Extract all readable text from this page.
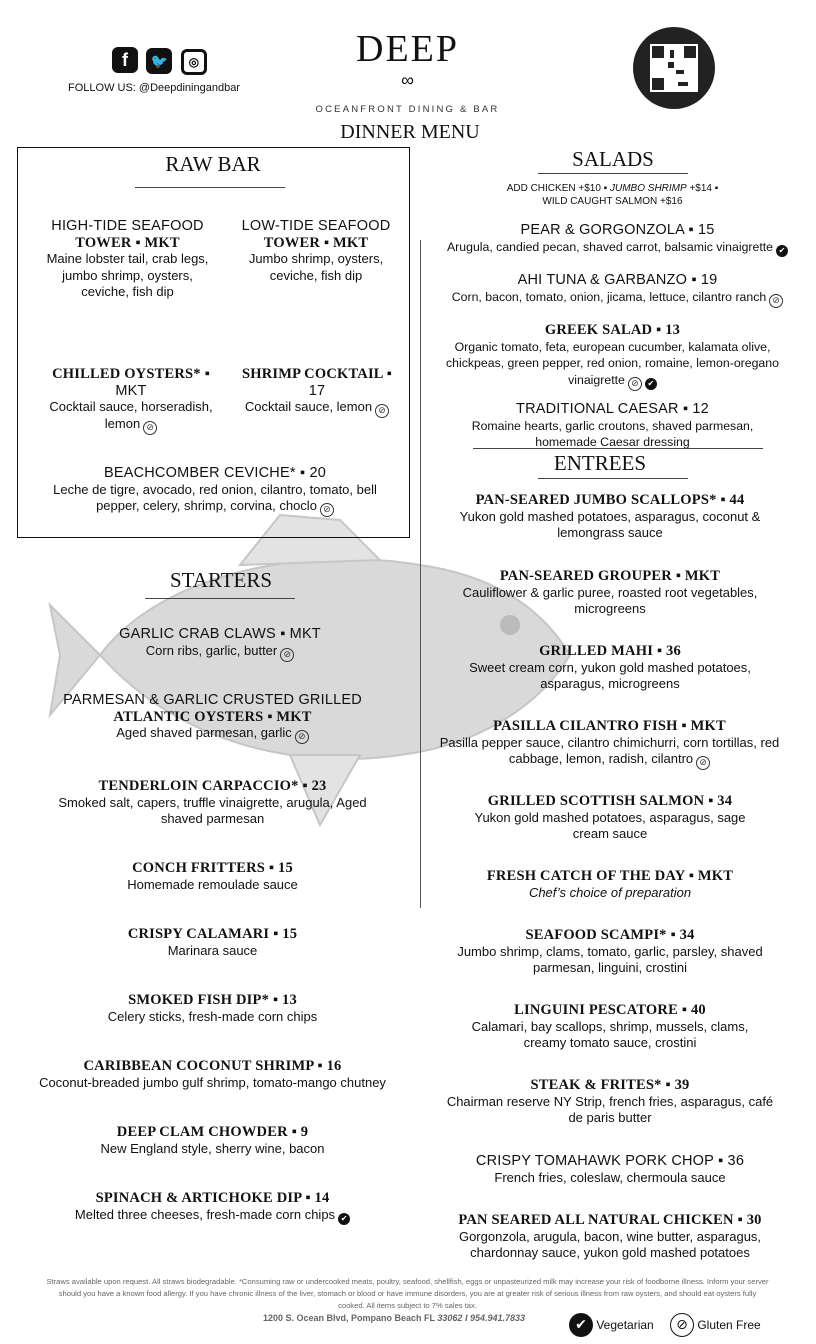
f 🐦 ◎
FOLLOW US: @Deepdiningandbar
DEEP
∞
OCEANFRONT DINING & BAR
DINNER MENU
RAW BAR
HIGH-TIDE SEAFOOD
TOWER ▪ MKT
Maine lobster tail, crab legs, jumbo shrimp, oysters, ceviche, fish dip
LOW-TIDE SEAFOOD
TOWER ▪ MKT
Jumbo shrimp, oysters, ceviche, fish dip
CHILLED OYSTERS* ▪
MKT
Cocktail sauce, horseradish, lemon ⊘
SHRIMP COCKTAIL ▪
17
Cocktail sauce, lemon ⊘
BEACHCOMBER CEVICHE* ▪ 20
Leche de tigre, avocado, red onion, cilantro, tomato, bell pepper, celery, shrimp, corvina, choclo ⊘
STARTERS
GARLIC CRAB CLAWS ▪ MKT
Corn ribs, garlic, butter ⊘
PARMESAN & GARLIC CRUSTED GRILLED
ATLANTIC OYSTERS ▪ MKT
Aged shaved parmesan, garlic ⊘
TENDERLOIN CARPACCIO* ▪ 23
Smoked salt, capers, truffle vinaigrette, arugula, Aged shaved parmesan
CONCH FRITTERS ▪ 15
Homemade remoulade sauce
CRISPY CALAMARI ▪ 15
Marinara sauce
SMOKED FISH DIP* ▪ 13
Celery sticks, fresh-made corn chips
CARIBBEAN COCONUT SHRIMP ▪ 16
Coconut-breaded jumbo gulf shrimp, tomato-mango chutney
DEEP CLAM CHOWDER ▪ 9
New England style, sherry wine, bacon
SPINACH & ARTICHOKE DIP ▪ 14
Melted three cheeses, fresh-made corn chips ✔
SALADS
ADD CHICKEN +$10 ▪ JUMBO SHRIMP +$14 ▪
WILD CAUGHT SALMON +$16
PEAR & GORGONZOLA ▪ 15
Arugula, candied pecan, shaved carrot, balsamic vinaigrette ✔
AHI TUNA & GARBANZO ▪ 19
Corn, bacon, tomato, onion, jicama, lettuce, cilantro ranch ⊘
GREEK SALAD ▪ 13
Organic tomato, feta, european cucumber, kalamata olive, chickpeas, green pepper, red onion, romaine, lemon-oregano vinaigrette ⊘ ✔
TRADITIONAL CAESAR ▪ 12
Romaine hearts, garlic croutons, shaved parmesan, homemade Caesar dressing
ENTREES
PAN-SEARED JUMBO SCALLOPS* ▪ 44
Yukon gold mashed potatoes, asparagus, coconut & lemongrass sauce
PAN-SEARED GROUPER ▪ MKT
Cauliflower & garlic puree, roasted root vegetables, microgreens
GRILLED MAHI ▪ 36
Sweet cream corn, yukon gold mashed potatoes, asparagus, microgreens
PASILLA CILANTRO FISH ▪ MKT
Pasilla pepper sauce, cilantro chimichurri, corn tortillas, red cabbage, lemon, radish, cilantro ⊘
GRILLED SCOTTISH SALMON ▪ 34
Yukon gold mashed potatoes, asparagus, sage cream sauce
FRESH CATCH OF THE DAY ▪ MKT
Chef’s choice of preparation
SEAFOOD SCAMPI* ▪ 34
Jumbo shrimp, clams, tomato, garlic, parsley, shaved parmesan, linguini, crostini
LINGUINI PESCATORE ▪ 40
Calamari, bay scallops, shrimp, mussels, clams, creamy tomato sauce, crostini
STEAK & FRITES* ▪ 39
Chairman reserve NY Strip, french fries, asparagus, café de paris butter
CRISPY TOMAHAWK PORK CHOP ▪ 36
French fries, coleslaw, chermoula sauce
PAN SEARED ALL NATURAL CHICKEN ▪ 30
Gorgonzola, arugula, bacon, wine butter, asparagus, chardonnay sauce, yukon gold mashed potatoes
Straws available upon request. All straws biodegradable. *Consuming raw or undercooked meats, poultry, seafood, shellfish, eggs or unpasteurized milk may increase your risk of foodborne illness. Inform your server should you have a known food allergy. If you have chronic illness of the liver, stomach or blood or have immune disorders, you are at greater risk of serious illness from raw oysters, and should eat oysters fully cooked. All items subject to 7% sales tax.
1200 S. Ocean Blvd, Pompano Beach FL 33062 I 954.941.7833	✔ Vegetarian	⊘ Gluten Free
